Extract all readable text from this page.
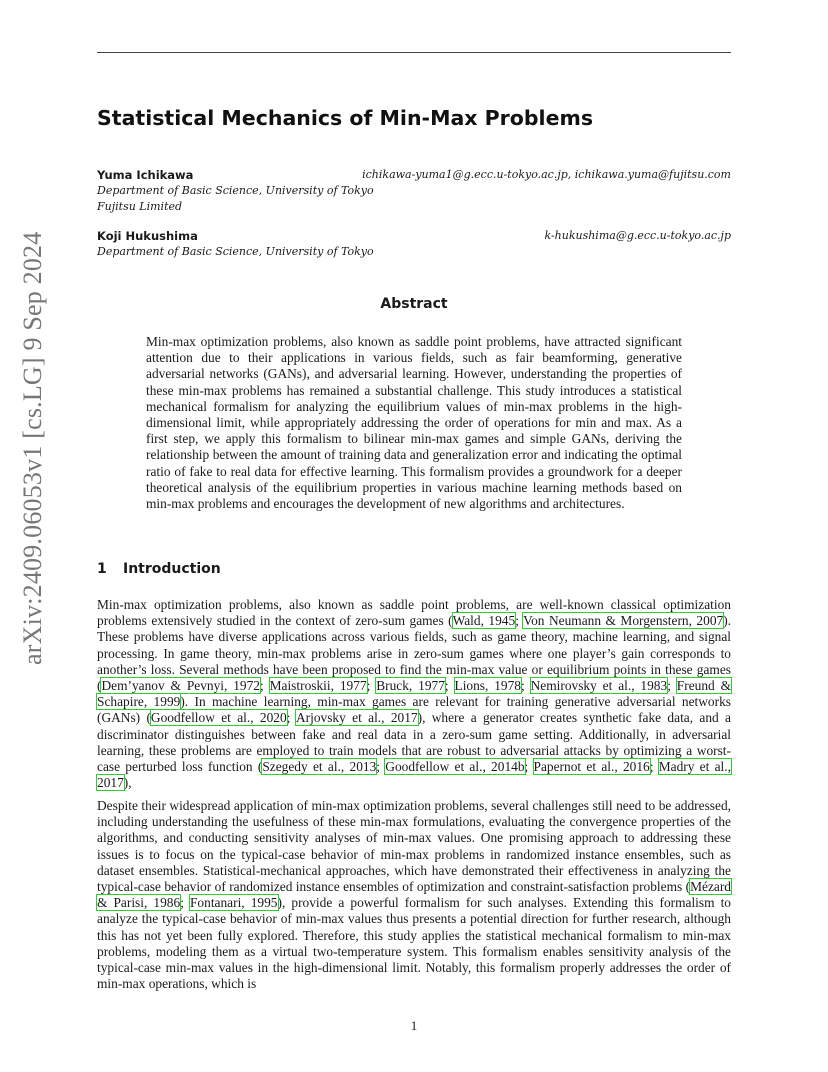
arXiv:2409.06053v1 [cs.LG] 9 Sep 2024
Statistical Mechanics of Min-Max Problems
Yuma Ichikawa
Department of Basic Science, University of Tokyo
Fujitsu Limited
ichikawa-yuma1@g.ecc.u-tokyo.ac.jp, ichikawa.yuma@fujitsu.com
Koji Hukushima
Department of Basic Science, University of Tokyo
k-hukushima@g.ecc.u-tokyo.ac.jp
Abstract
Min-max optimization problems, also known as saddle point problems, have attracted significant attention due to their applications in various fields, such as fair beamforming, generative adversarial networks (GANs), and adversarial learning. However, understanding the properties of these min-max problems has remained a substantial challenge. This study introduces a statistical mechanical formalism for analyzing the equilibrium values of min-max problems in the high-dimensional limit, while appropriately addressing the order of operations for min and max. As a first step, we apply this formalism to bilinear min-max games and simple GANs, deriving the relationship between the amount of training data and generalization error and indicating the optimal ratio of fake to real data for effective learning. This formalism provides a groundwork for a deeper theoretical analysis of the equilibrium properties in various machine learning methods based on min-max problems and encourages the development of new algorithms and architectures.
1 Introduction
Min-max optimization problems, also known as saddle point problems, are well-known classical optimization problems extensively studied in the context of zero-sum games (Wald, 1945; Von Neumann & Morgenstern, 2007). These problems have diverse applications across various fields, such as game theory, machine learning, and signal processing. In game theory, min-max problems arise in zero-sum games where one player’s gain corresponds to another’s loss. Several methods have been proposed to find the min-max value or equilibrium points in these games (Dem’yanov & Pevnyi, 1972; Maistroskii, 1977; Bruck, 1977; Lions, 1978; Nemirovsky et al., 1983; Freund & Schapire, 1999). In machine learning, min-max games are relevant for training generative adversarial networks (GANs) (Goodfellow et al., 2020; Arjovsky et al., 2017), where a generator creates synthetic fake data, and a discriminator distinguishes between fake and real data in a zero-sum game setting. Additionally, in adversarial learning, these problems are employed to train models that are robust to adversarial attacks by optimizing a worst-case perturbed loss function (Szegedy et al., 2013; Goodfellow et al., 2014b; Papernot et al., 2016; Madry et al., 2017),
Despite their widespread application of min-max optimization problems, several challenges still need to be addressed, including understanding the usefulness of these min-max formulations, evaluating the convergence properties of the algorithms, and conducting sensitivity analyses of min-max values. One promising approach to addressing these issues is to focus on the typical-case behavior of min-max problems in randomized instance ensembles, such as dataset ensembles. Statistical-mechanical approaches, which have demonstrated their effectiveness in analyzing the typical-case behavior of randomized instance ensembles of optimization and constraint-satisfaction problems (Mézard & Parisi, 1986; Fontanari, 1995), provide a powerful formalism for such analyses. Extending this formalism to analyze the typical-case behavior of min-max values thus presents a potential direction for further research, although this has not yet been fully explored. Therefore, this study applies the statistical mechanical formalism to min-max problems, modeling them as a virtual two-temperature system. This formalism enables sensitivity analysis of the typical-case min-max values in the high-dimensional limit. Notably, this formalism properly addresses the order of min-max operations, which is
1
